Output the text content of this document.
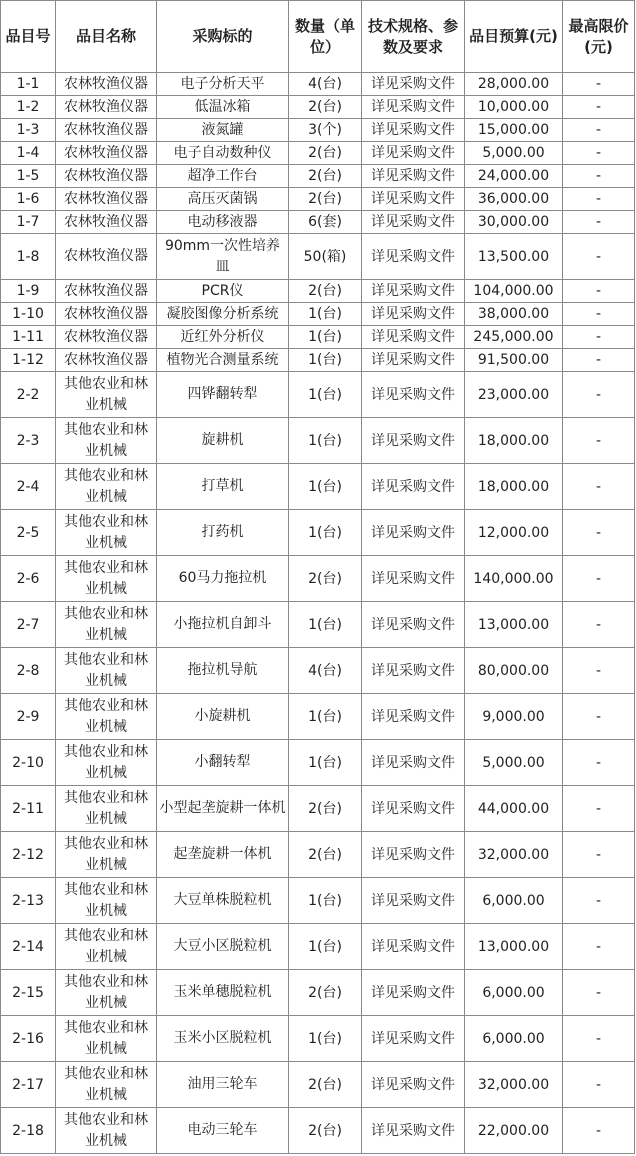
品目号	品目名称	采购标的	数量（单位）	技术规格、参数及要求	品目预算(元)	最高限价(元)
1-1	农林牧渔仪器	电子分析天平	4(台)	详见采购文件	28,000.00	-
1-2	农林牧渔仪器	低温冰箱	2(台)	详见采购文件	10,000.00	-
1-3	农林牧渔仪器	液氮罐	3(个)	详见采购文件	15,000.00	-
1-4	农林牧渔仪器	电子自动数种仪	2(台)	详见采购文件	5,000.00	-
1-5	农林牧渔仪器	超净工作台	2(台)	详见采购文件	24,000.00	-
1-6	农林牧渔仪器	高压灭菌锅	2(台)	详见采购文件	36,000.00	-
1-7	农林牧渔仪器	电动移液器	6(套)	详见采购文件	30,000.00	-
1-8	农林牧渔仪器	90mm一次性培养皿	50(箱)	详见采购文件	13,500.00	-
1-9	农林牧渔仪器	PCR仪	2(台)	详见采购文件	104,000.00	-
1-10	农林牧渔仪器	凝胶图像分析系统	1(台)	详见采购文件	38,000.00	-
1-11	农林牧渔仪器	近红外分析仪	1(台)	详见采购文件	245,000.00	-
1-12	农林牧渔仪器	植物光合测量系统	1(台)	详见采购文件	91,500.00	-
2-2	其他农业和林业机械	四铧翻转犁	1(台)	详见采购文件	23,000.00	-
2-3	其他农业和林业机械	旋耕机	1(台)	详见采购文件	18,000.00	-
2-4	其他农业和林业机械	打草机	1(台)	详见采购文件	18,000.00	-
2-5	其他农业和林业机械	打药机	1(台)	详见采购文件	12,000.00	-
2-6	其他农业和林业机械	60马力拖拉机	2(台)	详见采购文件	140,000.00	-
2-7	其他农业和林业机械	小拖拉机自卸斗	1(台)	详见采购文件	13,000.00	-
2-8	其他农业和林业机械	拖拉机导航	4(台)	详见采购文件	80,000.00	-
2-9	其他农业和林业机械	小旋耕机	1(台)	详见采购文件	9,000.00	-
2-10	其他农业和林业机械	小翻转犁	1(台)	详见采购文件	5,000.00	-
2-11	其他农业和林业机械	小型起垄旋耕一体机	2(台)	详见采购文件	44,000.00	-
2-12	其他农业和林业机械	起垄旋耕一体机	2(台)	详见采购文件	32,000.00	-
2-13	其他农业和林业机械	大豆单株脱粒机	1(台)	详见采购文件	6,000.00	-
2-14	其他农业和林业机械	大豆小区脱粒机	1(台)	详见采购文件	13,000.00	-
2-15	其他农业和林业机械	玉米单穗脱粒机	2(台)	详见采购文件	6,000.00	-
2-16	其他农业和林业机械	玉米小区脱粒机	1(台)	详见采购文件	6,000.00	-
2-17	其他农业和林业机械	油用三轮车	2(台)	详见采购文件	32,000.00	-
2-18	其他农业和林业机械	电动三轮车	2(台)	详见采购文件	22,000.00	-
